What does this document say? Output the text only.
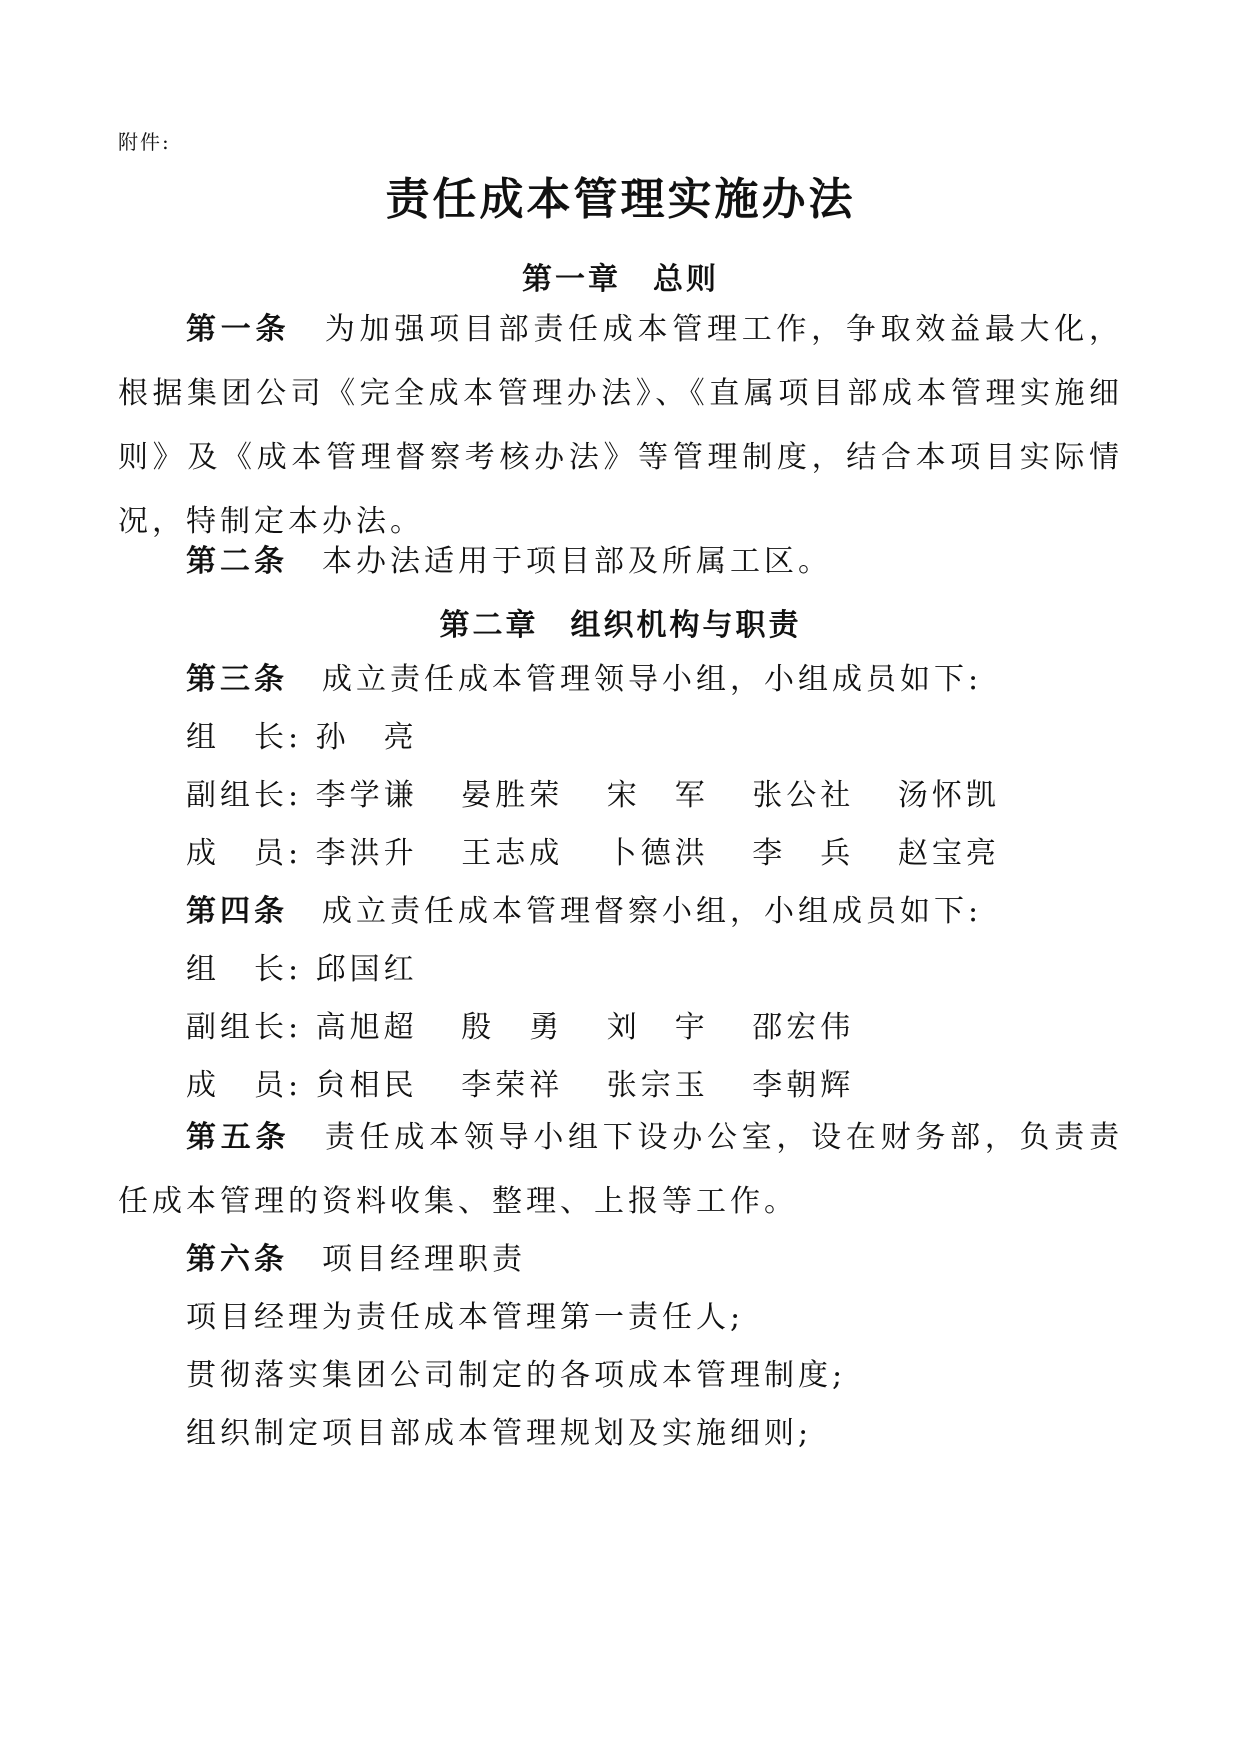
附件:
责任成本管理实施办法
第一章 总则
第一条 为加强项目部责任成本管理工作，争取效益最大化，根据集团公司《完全成本管理办法》、《直属项目部成本管理实施细则》及《成本管理督察考核办法》等管理制度，结合本项目实际情况，特制定本办法。
第二条 本办法适用于项目部及所属工区。
第二章 组织机构与职责
第三条 成立责任成本管理领导小组，小组成员如下:
组　长: 孙　亮
副组长: 李学谦 晏胜荣 宋　军 张公社 汤怀凯
成　员: 李洪升 王志成 卜德洪 李　兵 赵宝亮
第四条 成立责任成本管理督察小组，小组成员如下:
组　长: 邱国红
副组长: 高旭超 殷　勇 刘　宇 邵宏伟
成　员: 贠相民 李荣祥 张宗玉 李朝辉
第五条 责任成本领导小组下设办公室，设在财务部，负责责任成本管理的资料收集、整理、上报等工作。
第六条 项目经理职责
项目经理为责任成本管理第一责任人;
贯彻落实集团公司制定的各项成本管理制度;
组织制定项目部成本管理规划及实施细则;
